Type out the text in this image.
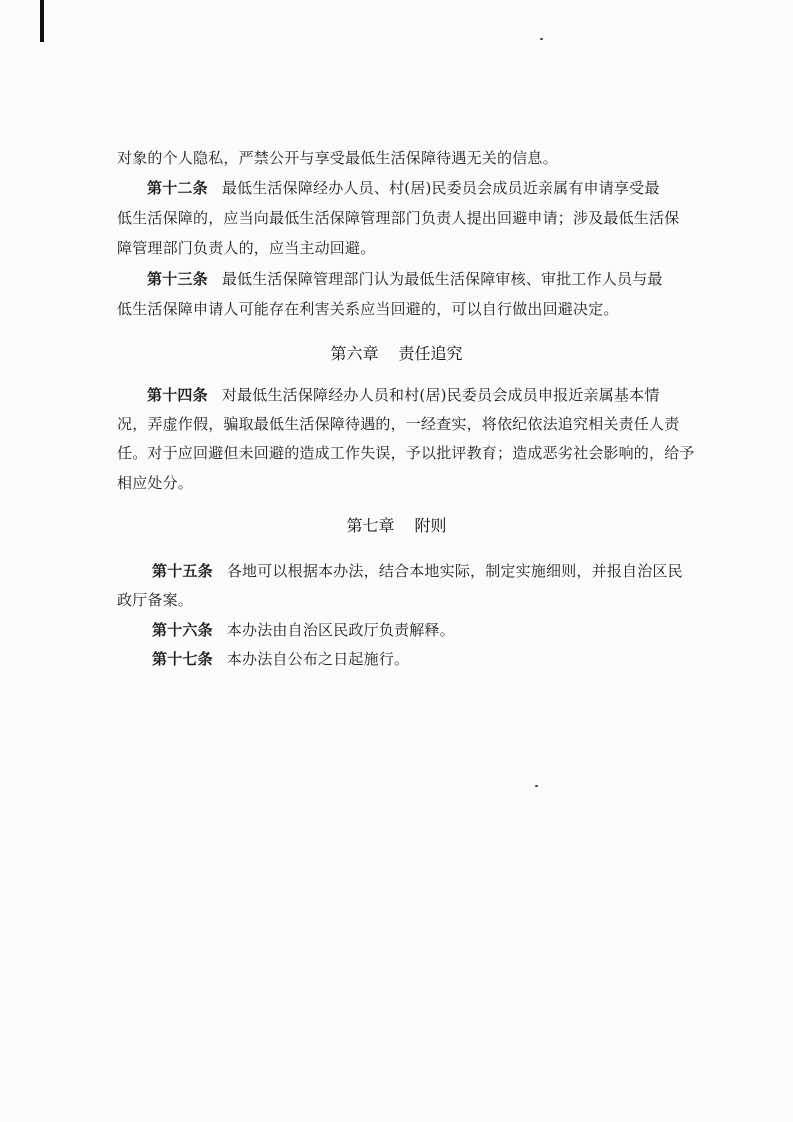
对象的个人隐私，严禁公开与享受最低生活保障待遇无关的信息。
第十二条 最低生活保障经办人员、村(居)民委员会成员近亲属有申请享受最
低生活保障的，应当向最低生活保障管理部门负责人提出回避申请；涉及最低生活保
障管理部门负责人的，应当主动回避。
第十三条 最低生活保障管理部门认为最低生活保障审核、审批工作人员与最
低生活保障申请人可能存在利害关系应当回避的，可以自行做出回避决定。
第六章 责任追究
第十四条 对最低生活保障经办人员和村(居)民委员会成员申报近亲属基本情
况，弄虚作假，骗取最低生活保障待遇的，一经查实，将依纪依法追究相关责任人责
任。对于应回避但未回避的造成工作失误，予以批评教育；造成恶劣社会影响的，给予
相应处分。
第七章 附则
第十五条 各地可以根据本办法，结合本地实际，制定实施细则，并报自治区民
政厅备案。
第十六条 本办法由自治区民政厅负责解释。
第十七条 本办法自公布之日起施行。
